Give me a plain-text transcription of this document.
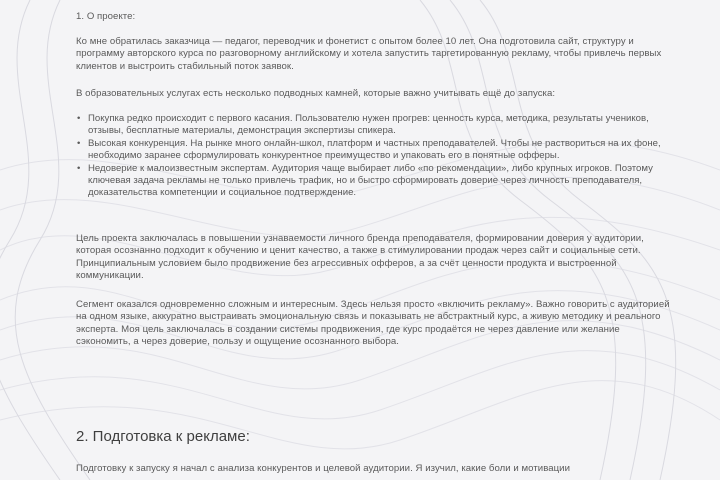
1. О проекте:

Ко мне обратилась заказчица — педагог, переводчик и фонетист с опытом более 10 лет. Она подготовила сайт, структуру и программу авторского курса по разговорному английскому и хотела запустить таргетированную рекламу, чтобы привлечь первых клиентов и выстроить стабильный поток заявок.

В образовательных услугах есть несколько подводных камней, которые важно учитывать ещё до запуска:

• Покупка редко происходит с первого касания. Пользователю нужен прогрев: ценность курса, методика, результаты учеников, отзывы, бесплатные материалы, демонстрация экспертизы спикера.
• Высокая конкуренция. На рынке много онлайн-школ, платформ и частных преподавателей. Чтобы не раствориться на их фоне, необходимо заранее сформулировать конкурентное преимущество и упаковать его в понятные офферы.
• Недоверие к малоизвестным экспертам. Аудитория чаще выбирает либо «по рекомендации», либо крупных игроков. Поэтому ключевая задача рекламы не только привлечь трафик, но и быстро сформировать доверие через личность преподавателя, доказательства компетенции и социальное подтверждение.

Цель проекта заключалась в повышении узнаваемости личного бренда преподавателя, формировании доверия у аудитории, которая осознанно подходит к обучению и ценит качество, а также в стимулировании продаж через сайт и социальные сети. Принципиальным условием было продвижение без агрессивных офферов, а за счёт ценности продукта и выстроенной коммуникации.

Сегмент оказался одновременно сложным и интересным. Здесь нельзя просто «включить рекламу». Важно говорить с аудиторией на одном языке, аккуратно выстраивать эмоциональную связь и показывать не абстрактный курс, а живую методику и реального эксперта. Моя цель заключалась в создании системы продвижения, где курс продаётся не через давление или желание сэкономить, а через доверие, пользу и ощущение осознанного выбора.

2. Подготовка к рекламе:

Подготовку к запуску я начал с анализа конкурентов и целевой аудитории. Я изучил, какие боли и мотивации
